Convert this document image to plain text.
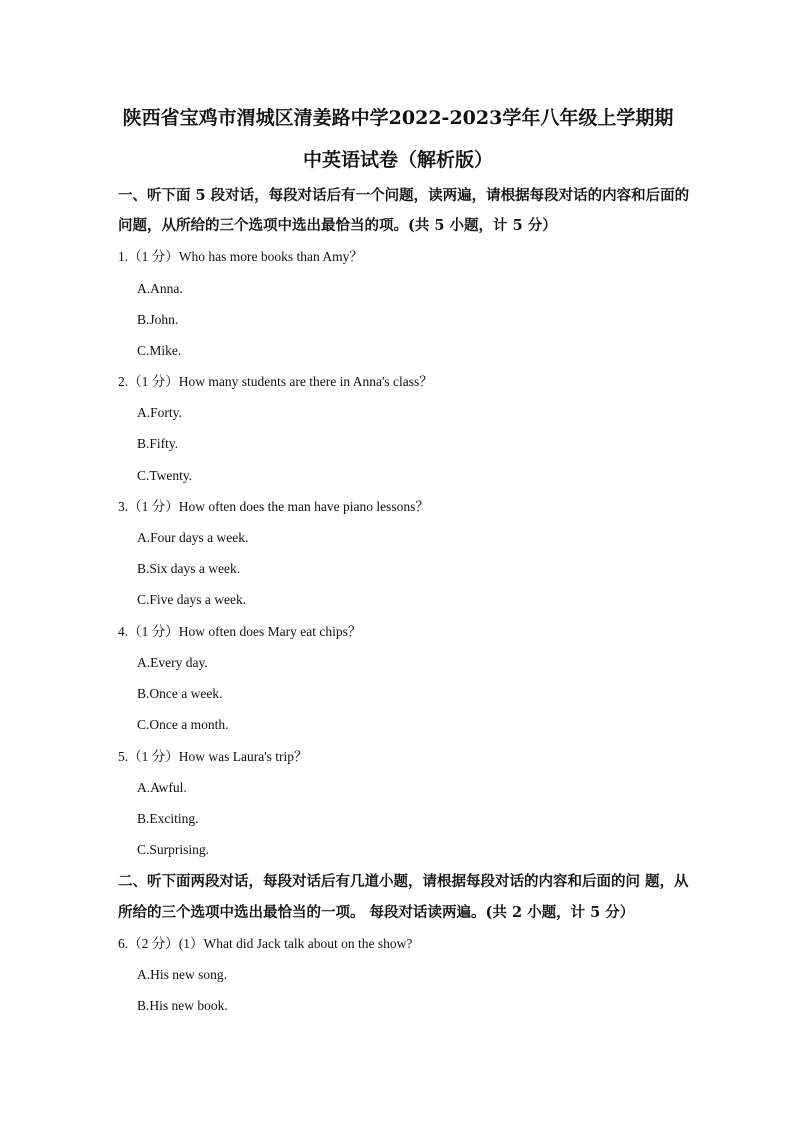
陕西省宝鸡市渭城区清姜路中学2022-2023学年八年级上学期期
中英语试卷（解析版）
一、听下面 5 段对话，每段对话后有一个问题，读两遍，请根据每段对话的内容和后面的
问题，从所给的三个选项中选出最恰当的项。(共 5 小题，计 5 分）
1.（1 分）Who has more books than Amy？
A.Anna.
B.John.
C.Mike.
2.（1 分）How many students are there in Anna's class？
A.Forty.
B.Fifty.
C.Twenty.
3.（1 分）How often does the man have piano lessons？
A.Four days a week.
B.Six days a week.
C.Five days a week.
4.（1 分）How often does Mary eat chips？
A.Every day.
B.Once a week.
C.Once a month.
5.（1 分）How was Laura's trip？
A.Awful.
B.Exciting.
C.Surprising.
二、听下面两段对话，每段对话后有几道小题，请根据每段对话的内容和后面的问 题，从
所给的三个选项中选出最恰当的一项。 每段对话读两遍。(共 2 小题，计 5 分）
6.（2 分）(1）What did Jack talk about on the show?
A.His new song.
B.His new book.
